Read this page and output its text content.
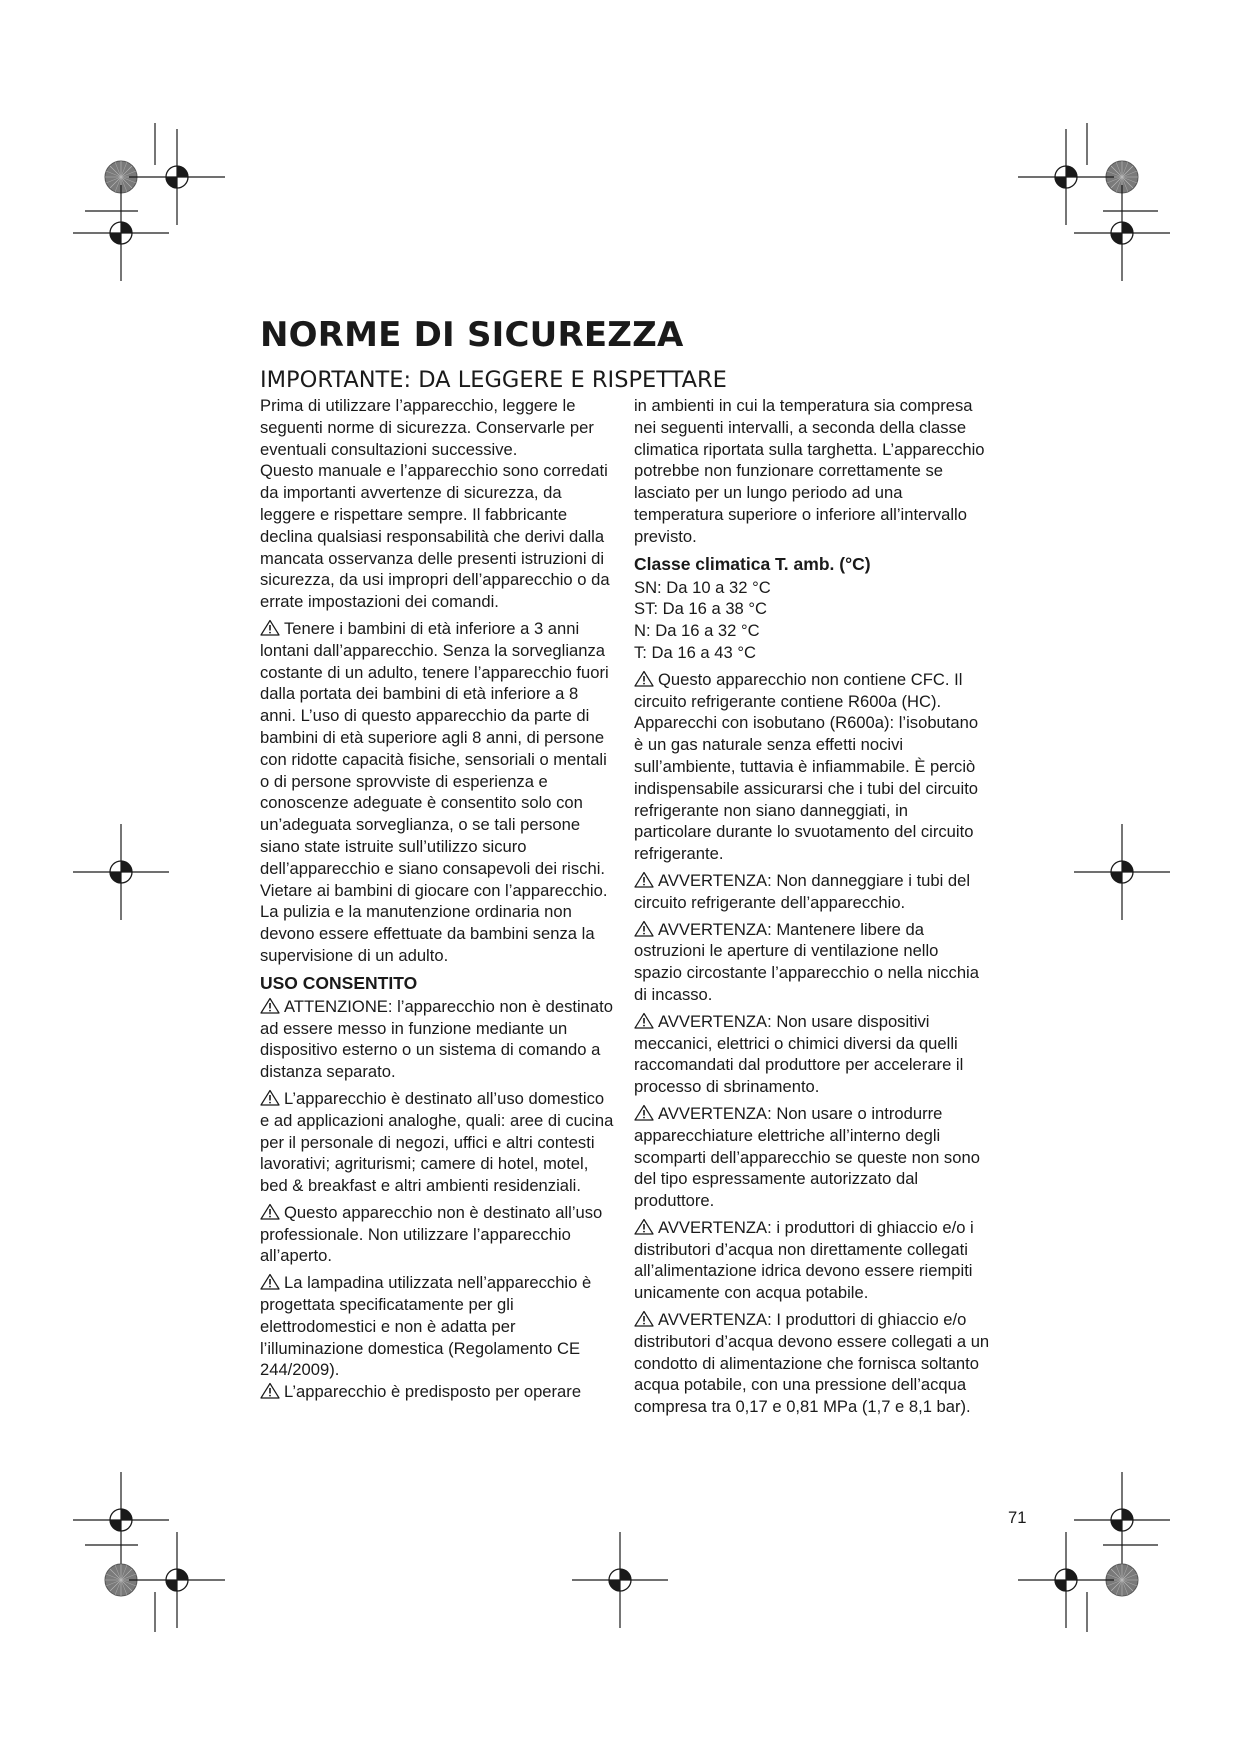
NORME DI SICUREZZA
IMPORTANTE: DA LEGGERE E RISPETTARE

Prima di utilizzare l’apparecchio, leggere le seguenti norme di sicurezza. Conservarle per eventuali consultazioni successive.

Questo manuale e l’apparecchio sono corredati da importanti avvertenze di sicurezza, da leggere e rispettare sempre. Il fabbricante declina qualsiasi responsabilità che derivi dalla mancata osservanza delle presenti istruzioni di sicurezza, da usi impropri dell’apparecchio o da errate impostazioni dei comandi.

Tenere i bambini di età inferiore a 3 anni lontani dall’apparecchio. Senza la sorveglianza costante di un adulto, tenere l’apparecchio fuori dalla portata dei bambini di età inferiore a 8 anni. L’uso di questo apparecchio da parte di bambini di età superiore agli 8 anni, di persone con ridotte capacità fisiche, sensoriali o mentali o di persone sprovviste di esperienza e conoscenze adeguate è consentito solo con un’adeguata sorveglianza, o se tali persone siano state istruite sull’utilizzo sicuro dell’apparecchio e siano consapevoli dei rischi. Vietare ai bambini di giocare con l’apparecchio. La pulizia e la manutenzione ordinaria non devono essere effettuate da bambini senza la supervisione di un adulto.

USO CONSENTITO

ATTENZIONE: l’apparecchio non è destinato ad essere messo in funzione mediante un dispositivo esterno o un sistema di comando a distanza separato.

L’apparecchio è destinato all’uso domestico e ad applicazioni analoghe, quali: aree di cucina per il personale di negozi, uffici e altri contesti lavorativi; agriturismi; camere di hotel, motel, bed & breakfast e altri ambienti residenziali.

Questo apparecchio non è destinato all’uso professionale. Non utilizzare l’apparecchio all’aperto.

La lampadina utilizzata nell’apparecchio è progettata specificatamente per gli elettrodomestici e non è adatta per l’illuminazione domestica (Regolamento CE 244/2009).

L’apparecchio è predisposto per operare

in ambienti in cui la temperatura sia compresa nei seguenti intervalli, a seconda della classe climatica riportata sulla targhetta. L’apparecchio potrebbe non funzionare correttamente se lasciato per un lungo periodo ad una temperatura superiore o inferiore all’intervallo previsto.

Classe climatica T. amb. (°C)
SN: Da 10 a 32 °C
ST: Da 16 a 38 °C
N: Da 16 a 32 °C
T: Da 16 a 43 °C

Questo apparecchio non contiene CFC. Il circuito refrigerante contiene R600a (HC).

Apparecchi con isobutano (R600a): l’isobutano è un gas naturale senza effetti nocivi sull’ambiente, tuttavia è infiammabile. È perciò indispensabile assicurarsi che i tubi del circuito refrigerante non siano danneggiati, in particolare durante lo svuotamento del circuito refrigerante.

AVVERTENZA: Non danneggiare i tubi del circuito refrigerante dell’apparecchio.

AVVERTENZA: Mantenere libere da ostruzioni le aperture di ventilazione nello spazio circostante l’apparecchio o nella nicchia di incasso.

AVVERTENZA: Non usare dispositivi meccanici, elettrici o chimici diversi da quelli raccomandati dal produttore per accelerare il processo di sbrinamento.

AVVERTENZA: Non usare o introdurre apparecchiature elettriche all’interno degli scomparti dell’apparecchio se queste non sono del tipo espressamente autorizzato dal produttore.

AVVERTENZA: i produttori di ghiaccio e/o i distributori d’acqua non direttamente collegati all’alimentazione idrica devono essere riempiti unicamente con acqua potabile.

AVVERTENZA: I produttori di ghiaccio e/o distributori d’acqua devono essere collegati a un condotto di alimentazione che fornisca soltanto acqua potabile, con una pressione dell’acqua compresa tra 0,17 e 0,81 MPa (1,7 e 8,1 bar).

71
